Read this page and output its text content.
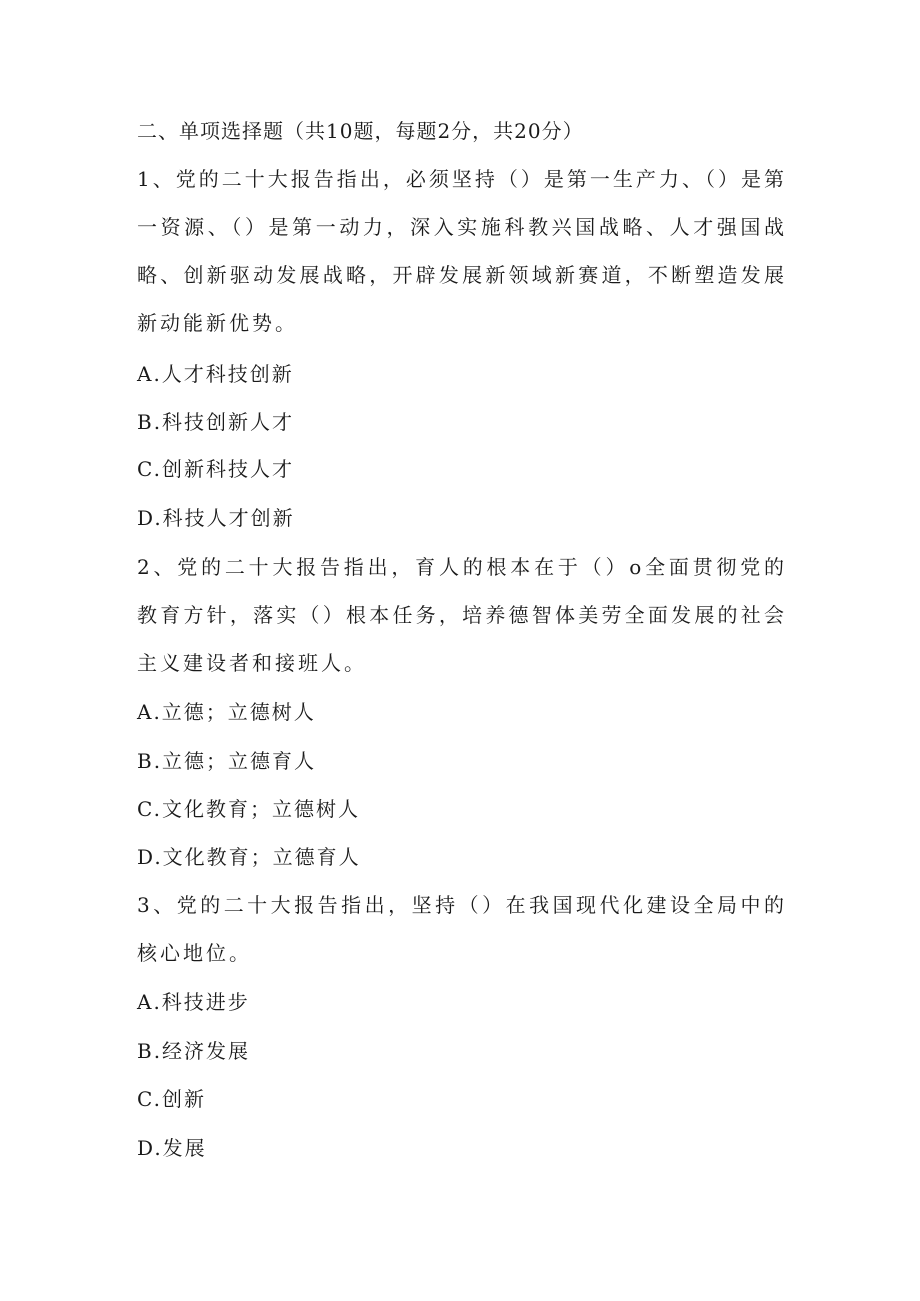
二、单项选择题（共10题，每题2分，共20分）
1、党的二十大报告指出，必须坚持（）是第一生产力、（）是第一资源、（）是第一动力，深入实施科教兴国战略、人才强国战略、创新驱动发展战略，开辟发展新领域新赛道，不断塑造发展新动能新优势。
A.人才科技创新
B.科技创新人才
C.创新科技人才
D.科技人才创新
2、党的二十大报告指出，育人的根本在于（）o全面贯彻党的教育方针，落实（）根本任务，培养德智体美劳全面发展的社会主义建设者和接班人。
A.立德；立德树人
B.立德；立德育人
C.文化教育；立德树人
D.文化教育；立德育人
3、党的二十大报告指出，坚持（）在我国现代化建设全局中的核心地位。
A.科技进步
B.经济发展
C.创新
D.发展
